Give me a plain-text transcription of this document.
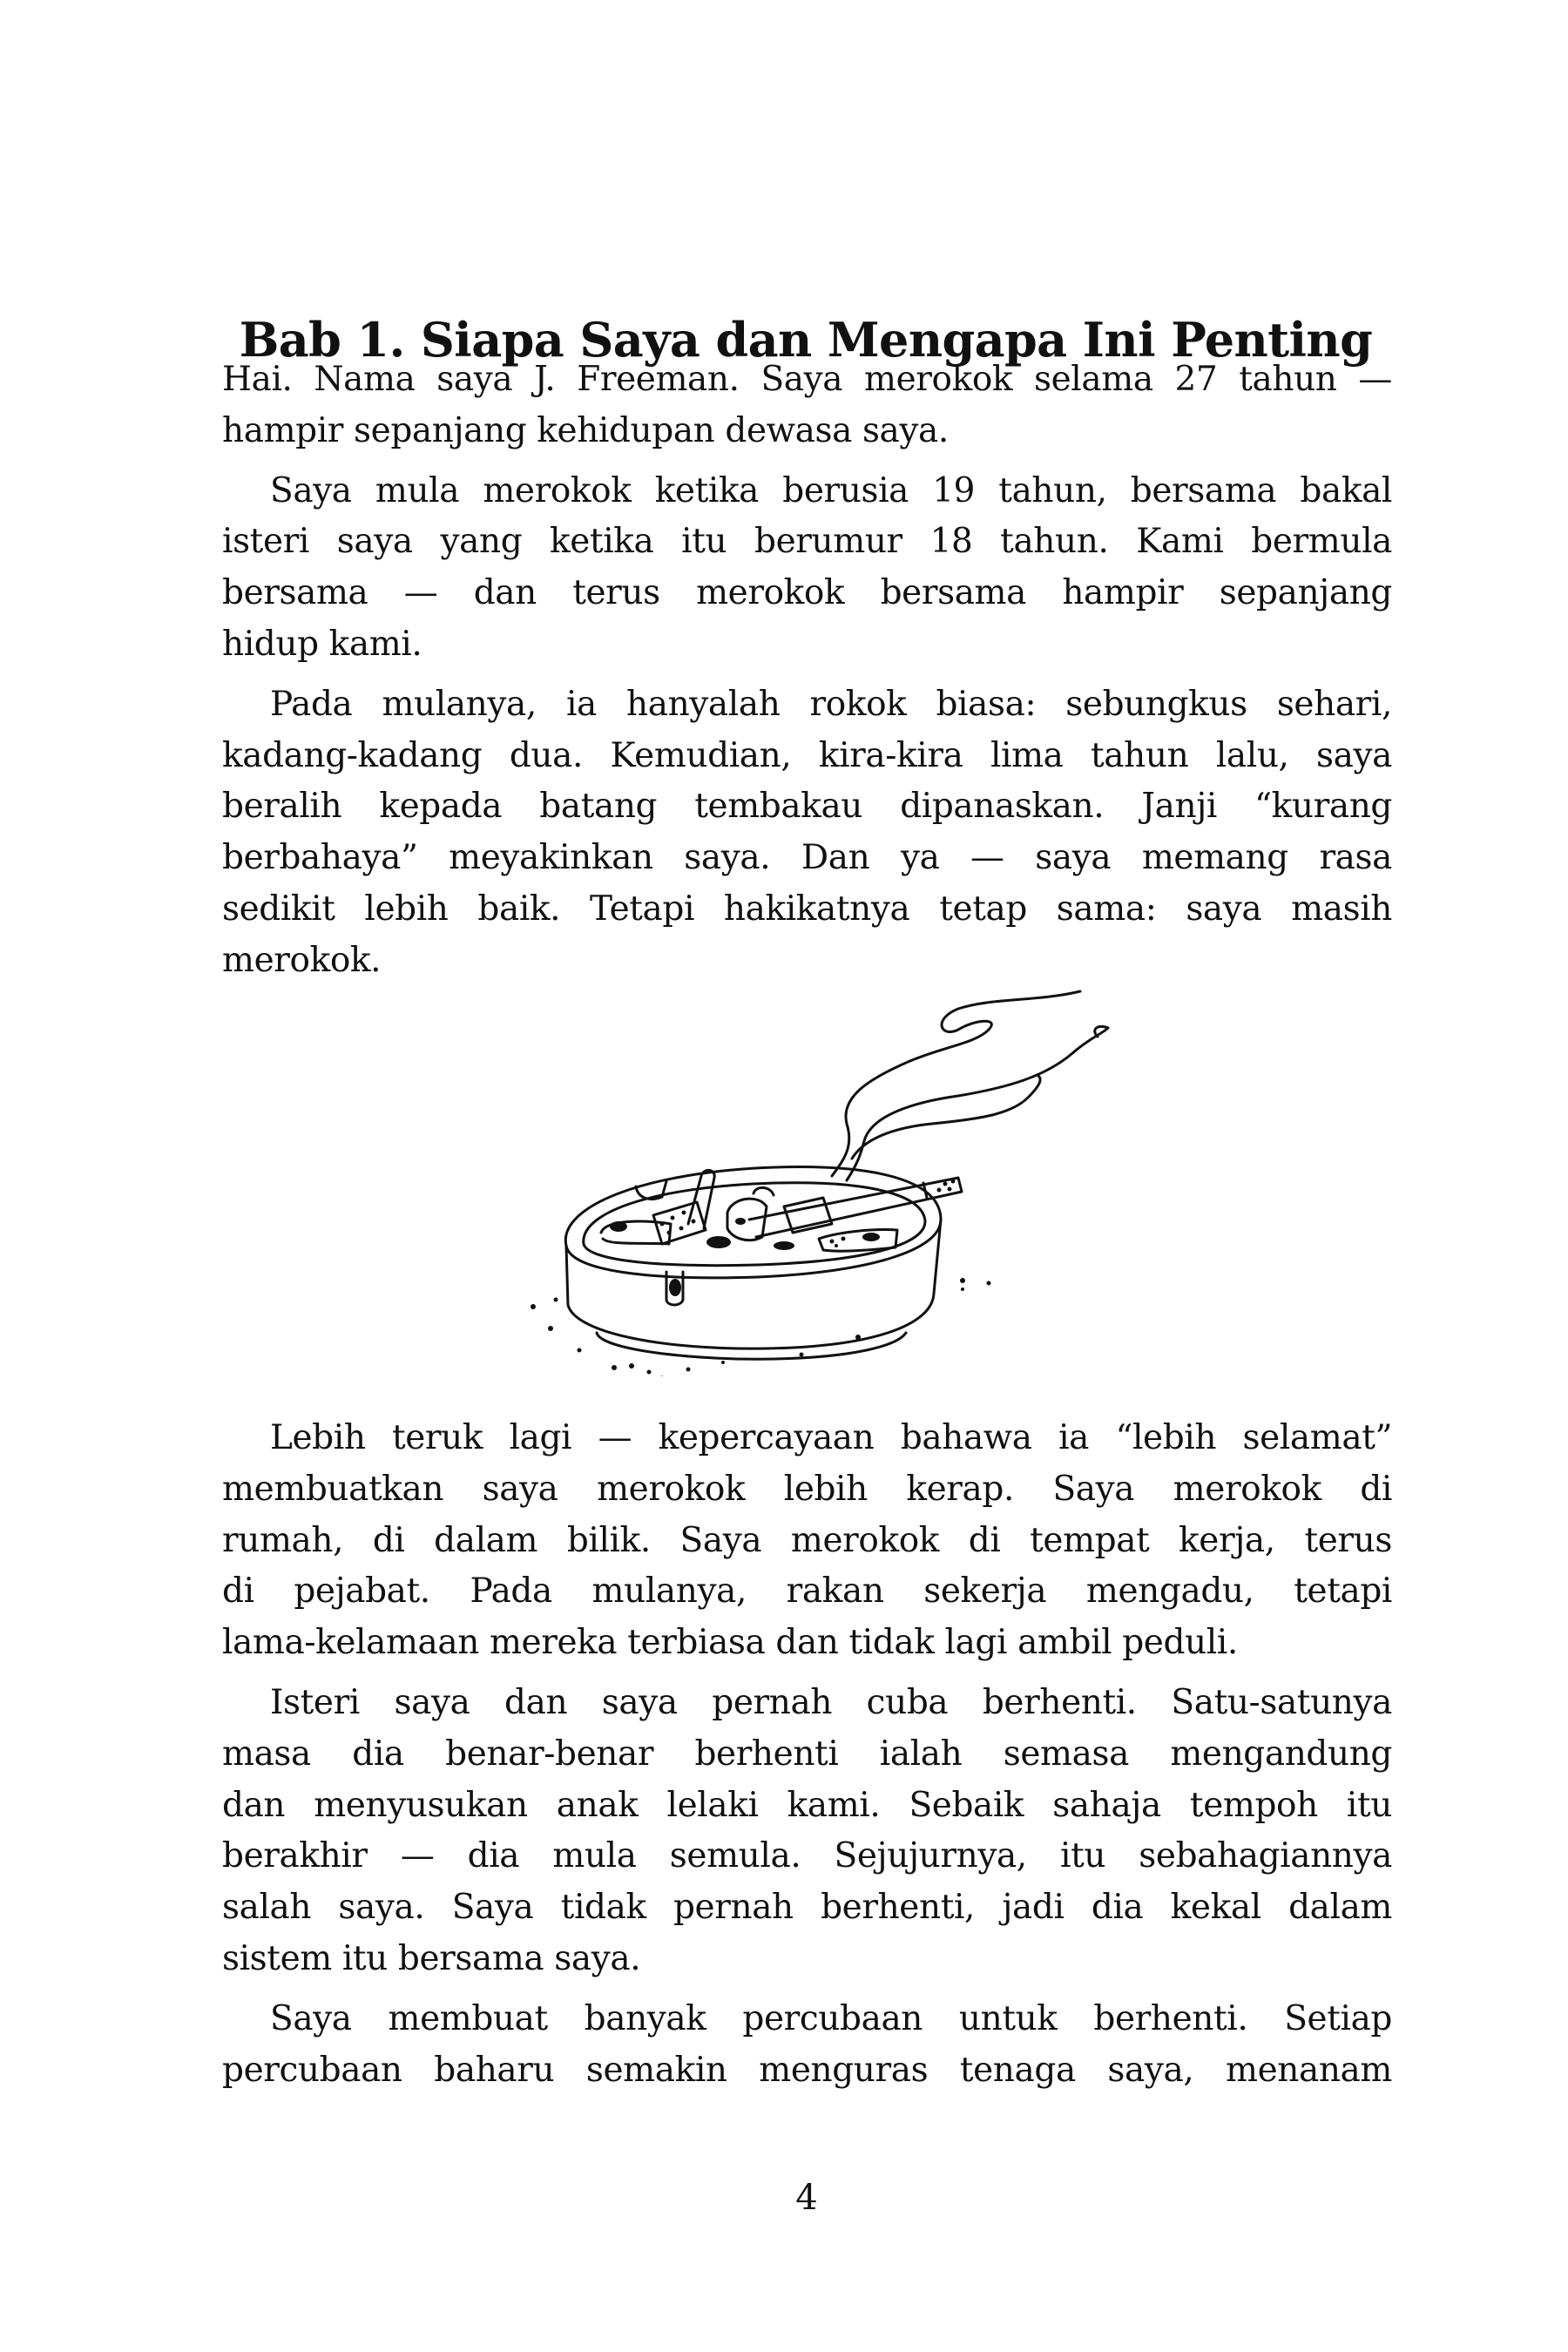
Bab 1. Siapa Saya dan Mengapa Ini Penting
Hai. Nama saya J. Freeman. Saya merokok selama 27 tahun —
hampir sepanjang kehidupan dewasa saya.
Saya mula merokok ketika berusia 19 tahun, bersama bakal
isteri saya yang ketika itu berumur 18 tahun. Kami bermula
bersama — dan terus merokok bersama hampir sepanjang
hidup kami.
Pada mulanya, ia hanyalah rokok biasa: sebungkus sehari,
kadang-kadang dua. Kemudian, kira-kira lima tahun lalu, saya
beralih kepada batang tembakau dipanaskan. Janji “kurang
berbahaya” meyakinkan saya. Dan ya — saya memang rasa
sedikit lebih baik. Tetapi hakikatnya tetap sama: saya masih
merokok.
Lebih teruk lagi — kepercayaan bahawa ia “lebih selamat”
membuatkan saya merokok lebih kerap. Saya merokok di
rumah, di dalam bilik. Saya merokok di tempat kerja, terus
di pejabat. Pada mulanya, rakan sekerja mengadu, tetapi
lama-kelamaan mereka terbiasa dan tidak lagi ambil peduli.
Isteri saya dan saya pernah cuba berhenti. Satu-satunya
masa dia benar-benar berhenti ialah semasa mengandung
dan menyusukan anak lelaki kami. Sebaik sahaja tempoh itu
berakhir — dia mula semula. Sejujurnya, itu sebahagiannya
salah saya. Saya tidak pernah berhenti, jadi dia kekal dalam
sistem itu bersama saya.
Saya membuat banyak percubaan untuk berhenti. Setiap
percubaan baharu semakin menguras tenaga saya, menanam
4
